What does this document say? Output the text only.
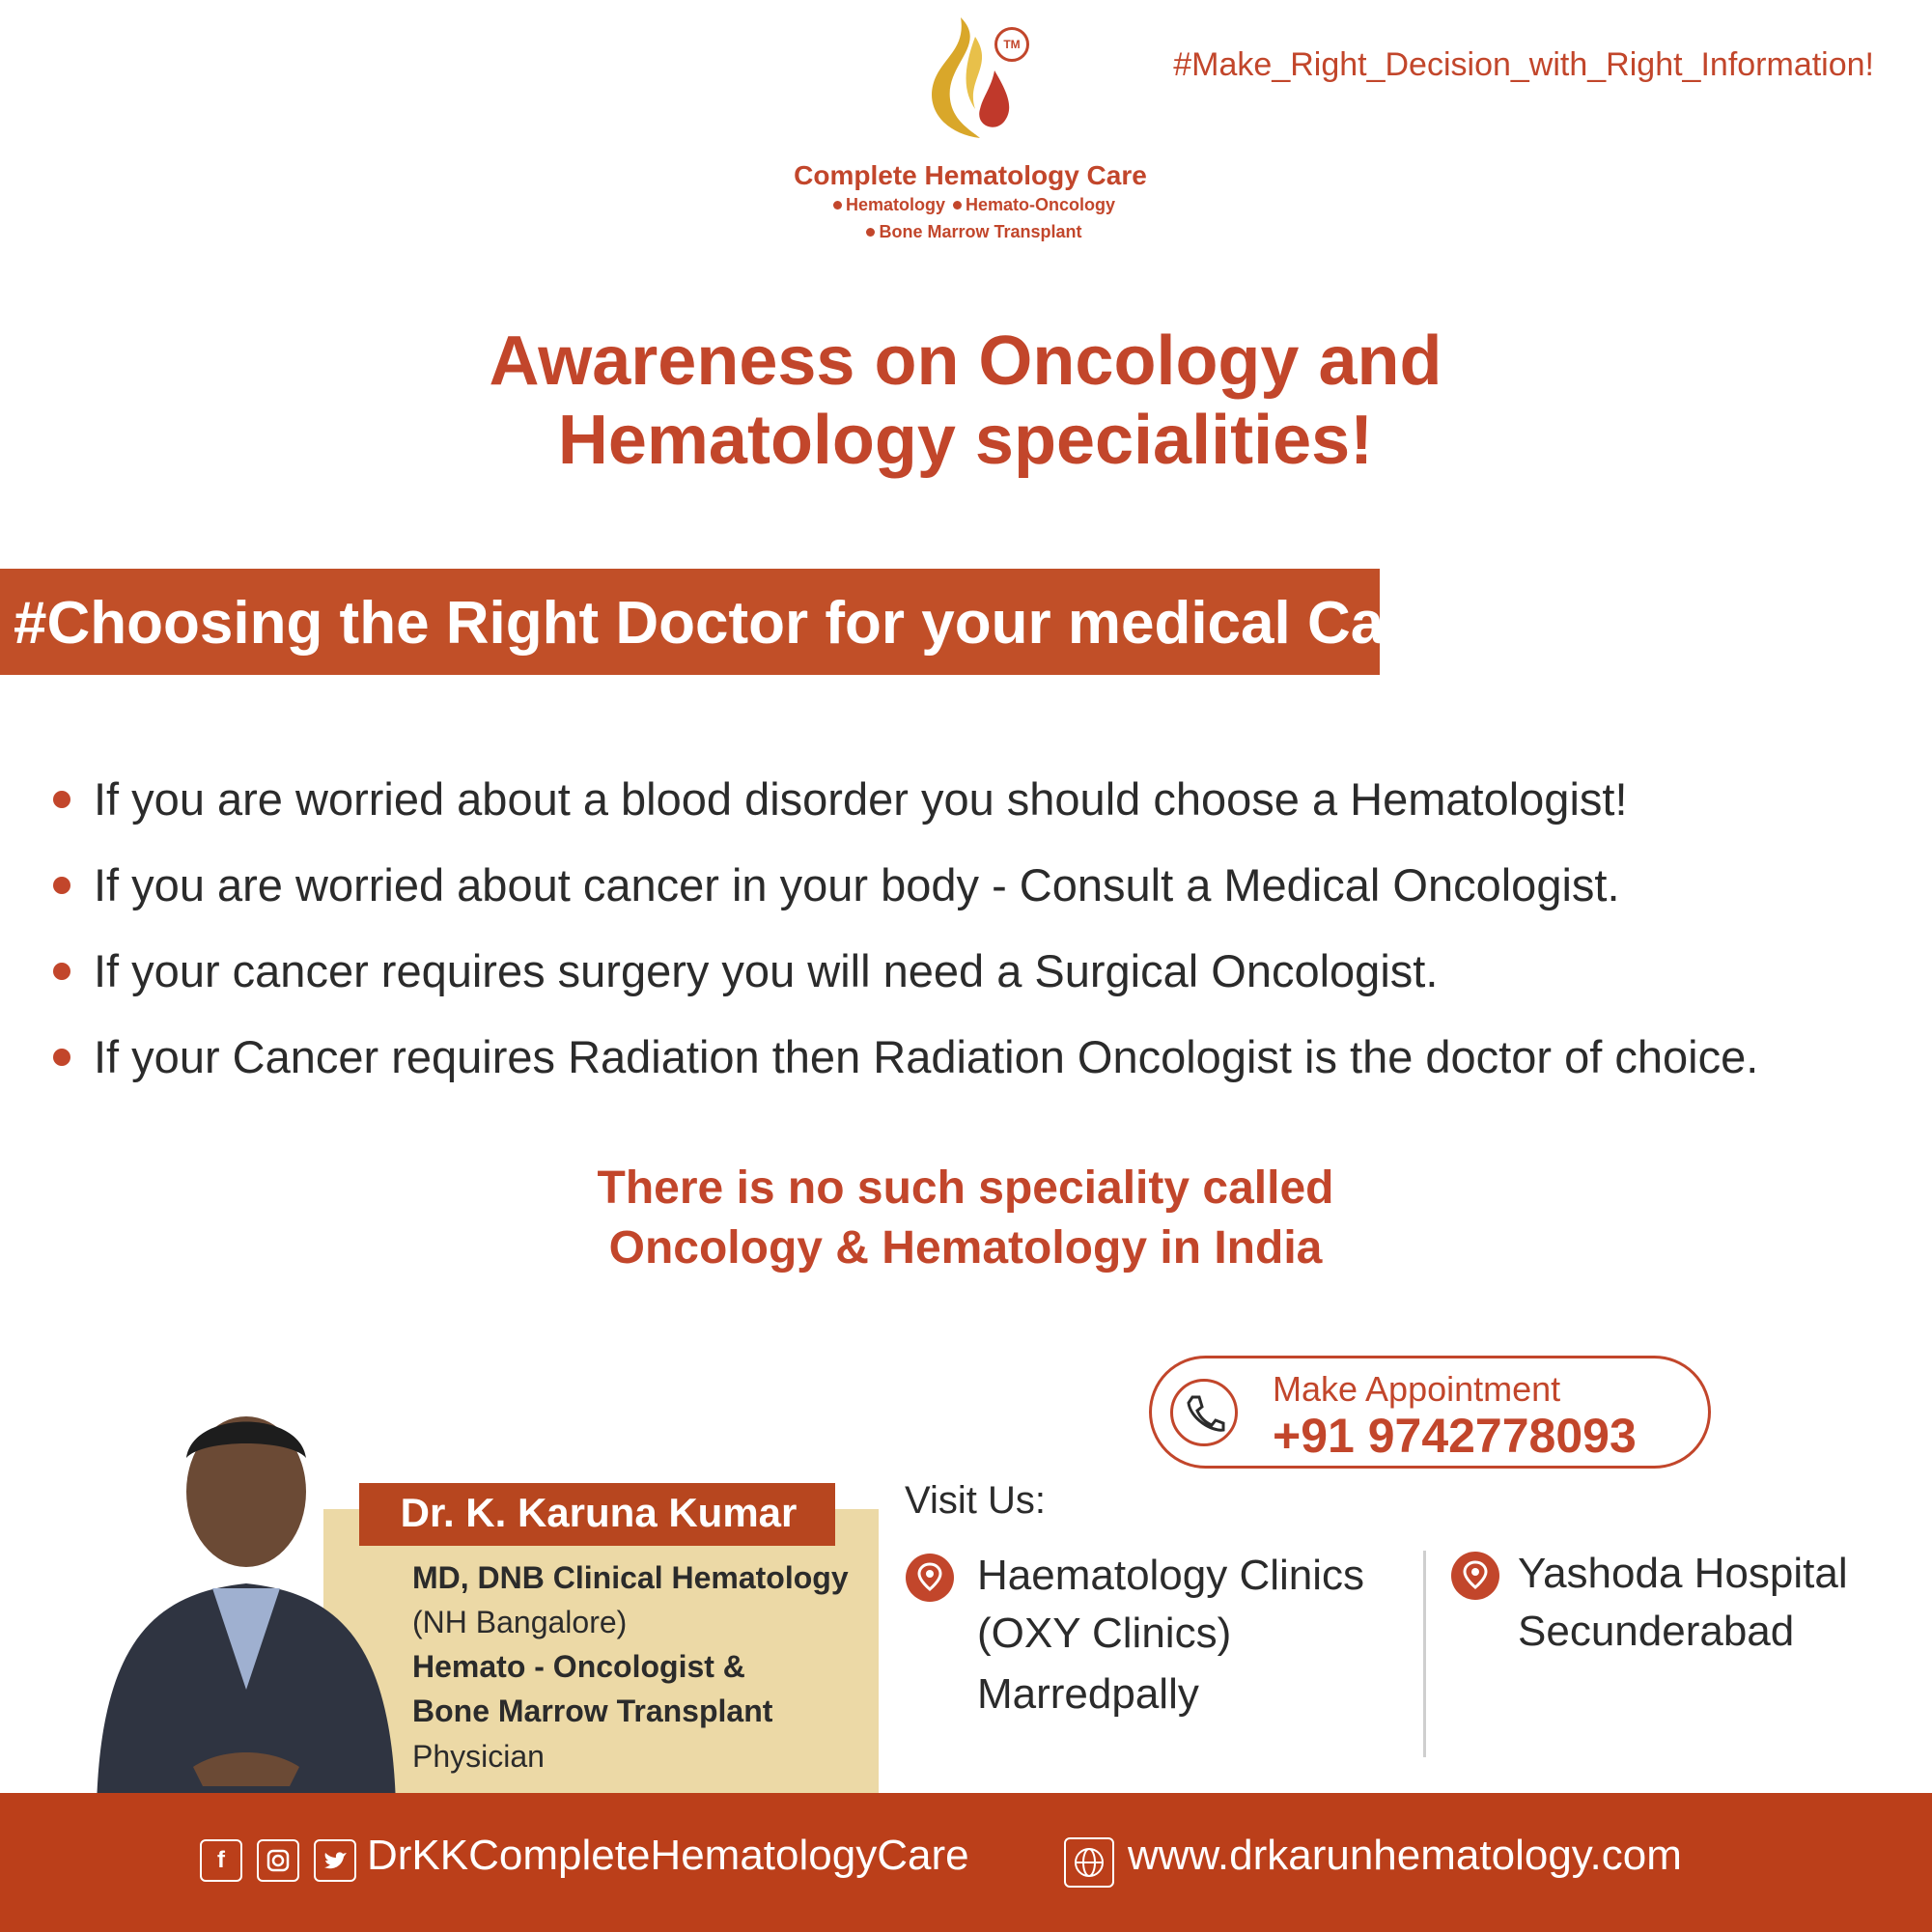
TM
Complete Hematology Care
Hematology Hemato-Oncology
Bone Marrow Transplant
#Make_Right_Decision_with_Right_Information!
Awareness on Oncology and
Hematology specialities!
#Choosing the Right Doctor for your medical Care
If you are worried about a blood disorder you should choose a Hematologist!
If you are worried about cancer in your body - Consult a Medical Oncologist.
If your cancer requires surgery you will need a Surgical Oncologist.
If your Cancer requires Radiation then Radiation Oncologist is the doctor of choice.
There is no such speciality called
Oncology & Hematology in India
Make Appointment
+91 9742778093
Dr. K. Karuna Kumar
MD, DNB Clinical Hematology
(NH Bangalore)
Hemato - Oncologist &
Bone Marrow Transplant
Physician
Visit Us:
Haematology Clinics
(OXY Clinics)
Marredpally
Yashoda Hospital
Secunderabad
f	DrKKCompleteHematologyCare	www.drkarunhematology.com
